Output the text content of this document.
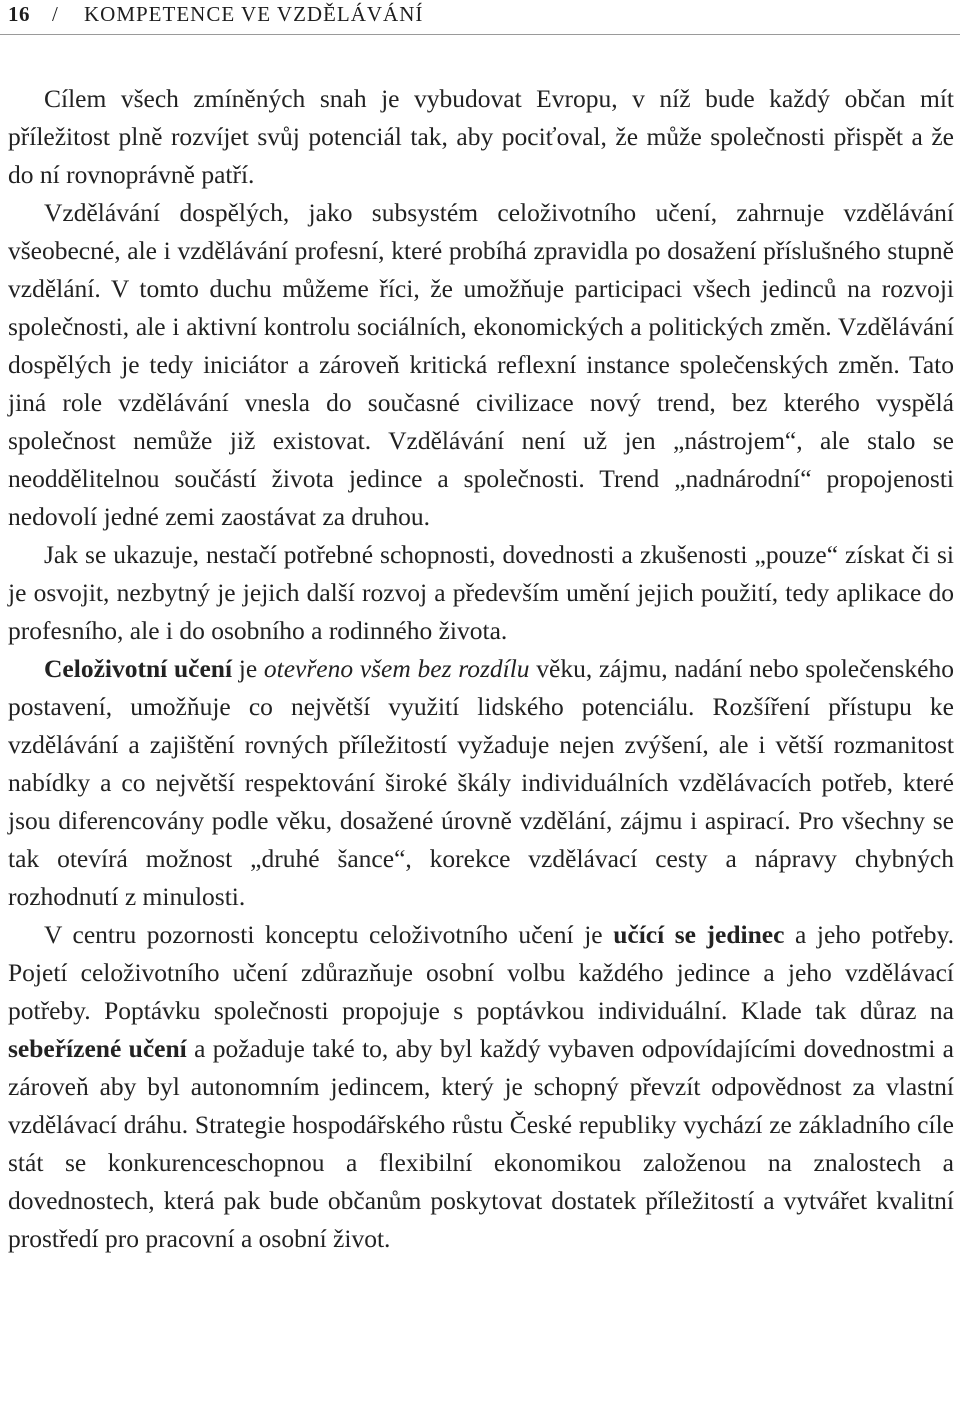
16 / KOMPETENCE VE VZDĚLÁVÁNÍ

Cílem všech zmíněných snah je vybudovat Evropu, v níž bude každý občan mít příležitost plně rozvíjet svůj potenciál tak, aby pociťoval, že může společnosti přispět a že do ní rovnoprávně patří.

Vzdělávání dospělých, jako subsystém celoživotního učení, zahrnuje vzdělávání všeobecné, ale i vzdělávání profesní, které probíhá zpravidla po dosažení příslušného stupně vzdělání. V tomto duchu můžeme říci, že umožňuje participaci všech jedinců na rozvoji společnosti, ale i aktivní kontrolu sociálních, ekonomických a politických změn. Vzdělávání dospělých je tedy iniciátor a zároveň kritická reflexní instance společenských změn. Tato jiná role vzdělávání vnesla do současné civilizace nový trend, bez kterého vyspělá společnost nemůže již existovat. Vzdělávání není už jen „nástrojem“, ale stalo se neoddělitelnou součástí života jedince a společnosti. Trend „nadnárodní“ propojenosti nedovolí jedné zemi zaostávat za druhou.

Jak se ukazuje, nestačí potřebné schopnosti, dovednosti a zkušenosti „pouze“ získat či si je osvojit, nezbytný je jejich další rozvoj a především umění jejich použití, tedy aplikace do profesního, ale i do osobního a rodinného života.

Celoživotní učení je otevřeno všem bez rozdílu věku, zájmu, nadání nebo společenského postavení, umožňuje co největší využití lidského potenciálu. Rozšíření přístupu ke vzdělávání a zajištění rovných příležitostí vyžaduje nejen zvýšení, ale i větší rozmanitost nabídky a co největší respektování široké škály individuálních vzdělávacích potřeb, které jsou diferencovány podle věku, dosažené úrovně vzdělání, zájmu i aspirací. Pro všechny se tak otevírá možnost „druhé šance“, korekce vzdělávací cesty a nápravy chybných rozhodnutí z minulosti.

V centru pozornosti konceptu celoživotního učení je učící se jedinec a jeho potřeby. Pojetí celoživotního učení zdůrazňuje osobní volbu každého jedince a jeho vzdělávací potřeby. Poptávku společnosti propojuje s poptávkou individuální. Klade tak důraz na sebeřízené učení a požaduje také to, aby byl každý vybaven odpovídajícími dovednostmi a zároveň aby byl autonomním jedincem, který je schopný převzít odpovědnost za vlastní vzdělávací dráhu. Strategie hospodářského růstu České republiky vychází ze základního cíle stát se konkurenceschopnou a flexibilní ekonomikou založenou na znalostech a dovednostech, která pak bude občanům poskytovat dostatek příležitostí a vytvářet kvalitní prostředí pro pracovní a osobní život.
